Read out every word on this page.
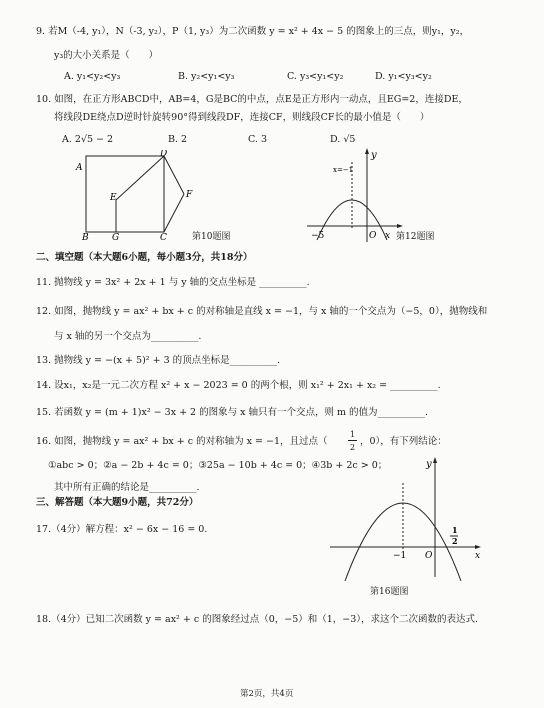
9. 若M（-4, y₁），N（-3, y₂），P（1, y₃）为二次函数 y = x² + 4x − 5 的图象上的三点，则y₁，y₂，
y₃的大小关系是（　　）
A. y₁<y₂<y₃	B. y₂<y₁<y₃	C. y₃<y₁<y₂	D. y₁<y₃<y₂
10. 如图，在正方形ABCD中，AB=4，G是BC的中点，点E是正方形内一动点，且EG=2，连接DE，
将线段DE绕点D逆时针旋转90°得到线段DF，连接CF，则线段CF长的最小值是（　　）
A. 2√5 − 2	B. 2	C. 3	D. √5
A
B	G	C
D
E	F
第10题图
y
x=−1
−5	O x 第12题图
二、填空题（本大题6小题，每小题3分，共18分）
11. 抛物线 y = 3x² + 2x + 1 与 y 轴的交点坐标是 __________.
12. 如图，抛物线 y = ax² + bx + c 的对称轴是直线 x = −1，与 x 轴的一个交点为（−5，0），抛物线和
与 x 轴的另一个交点为__________.
13. 抛物线 y = −(x + 5)² + 3 的顶点坐标是__________.
14. 设x₁，x₂是一元二次方程 x² + x − 2023 = 0 的两个根，则 x₁² + 2x₁ + x₂ = __________.
15. 若函数 y = (m + 1)x² − 3x + 2 的图象与 x 轴只有一个交点，则 m 的值为__________.
16. 如图，抛物线 y = ax² + bx + c 的对称轴为 x = −1，且过点（
1
2
，0），有下列结论：
①abc > 0；②a − 2b + 4c = 0；③25a − 10b + 4c = 0；④3b + 2c > 0；
其中所有正确的结论是__________.
三、解答题（本大题9小题，共72分）
17.（4分）解方程：x² − 6x − 16 = 0.
y
−1 O
1
2
x
第16题图
18.（4分）已知二次函数 y = ax² + c 的图象经过点（0，−5）和（1，−3），求这个二次函数的表达式.
第2页，共4页
